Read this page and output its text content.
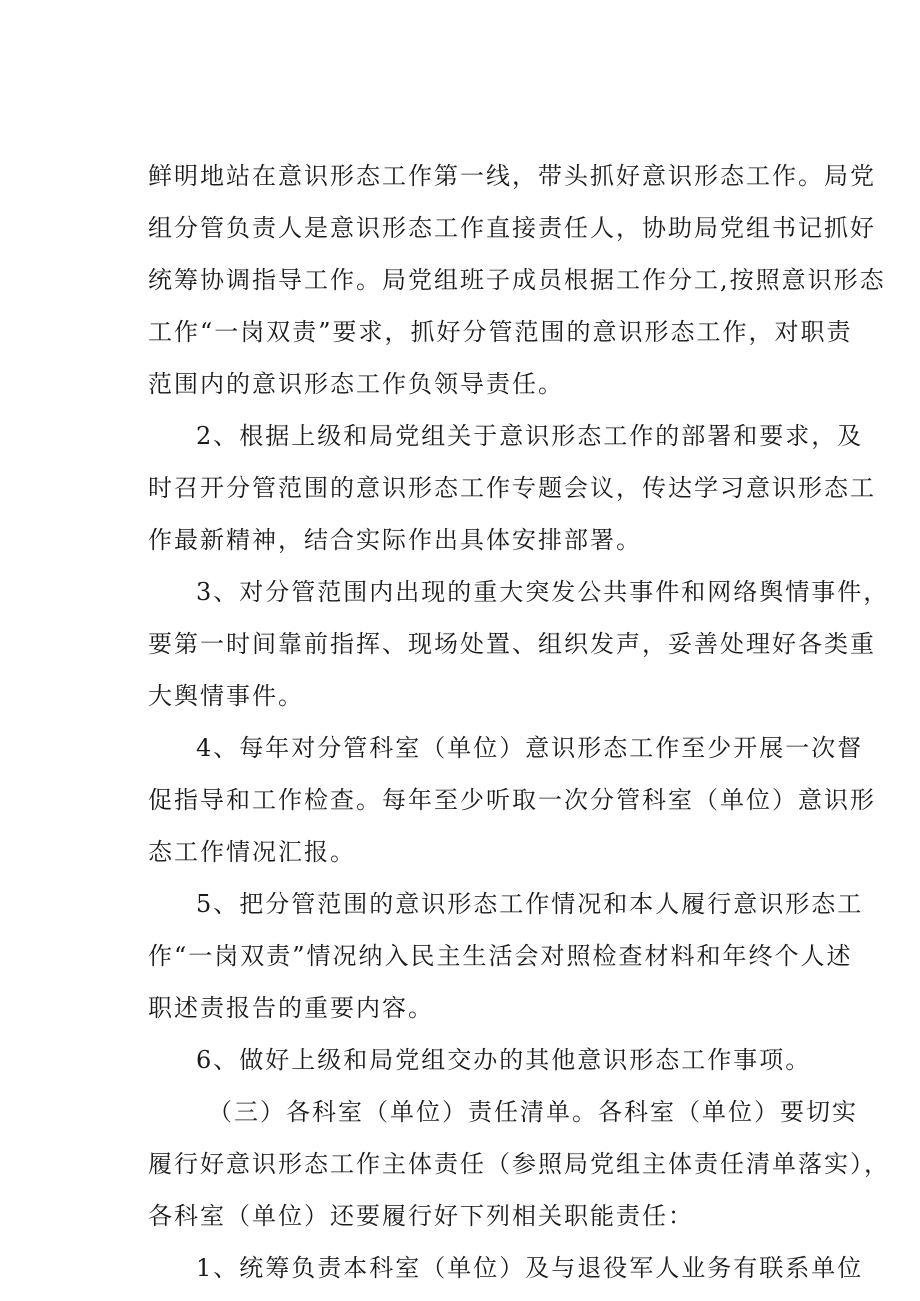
鲜明地站在意识形态工作第一线，带头抓好意识形态工作。局党
组分管负责人是意识形态工作直接责任人，协助局党组书记抓好
统筹协调指导工作。局党组班子成员根据工作分工,按照意识形态
工作“一岗双责”要求，抓好分管范围的意识形态工作，对职责
范围内的意识形态工作负领导责任。
2、根据上级和局党组关于意识形态工作的部署和要求，及
时召开分管范围的意识形态工作专题会议，传达学习意识形态工
作最新精神，结合实际作出具体安排部署。
3、对分管范围内出现的重大突发公共事件和网络舆情事件，
要第一时间靠前指挥、现场处置、组织发声，妥善处理好各类重
大舆情事件。
4、每年对分管科室（单位）意识形态工作至少开展一次督
促指导和工作检查。每年至少听取一次分管科室（单位）意识形
态工作情况汇报。
5、把分管范围的意识形态工作情况和本人履行意识形态工
作“一岗双责”情况纳入民主生活会对照检查材料和年终个人述
职述责报告的重要内容。
6、做好上级和局党组交办的其他意识形态工作事项。
（三）各科室（单位）责任清单。各科室（单位）要切实
履行好意识形态工作主体责任（参照局党组主体责任清单落实），
各科室（单位）还要履行好下列相关职能责任：
1、统筹负责本科室（单位）及与退役军人业务有联系单位
